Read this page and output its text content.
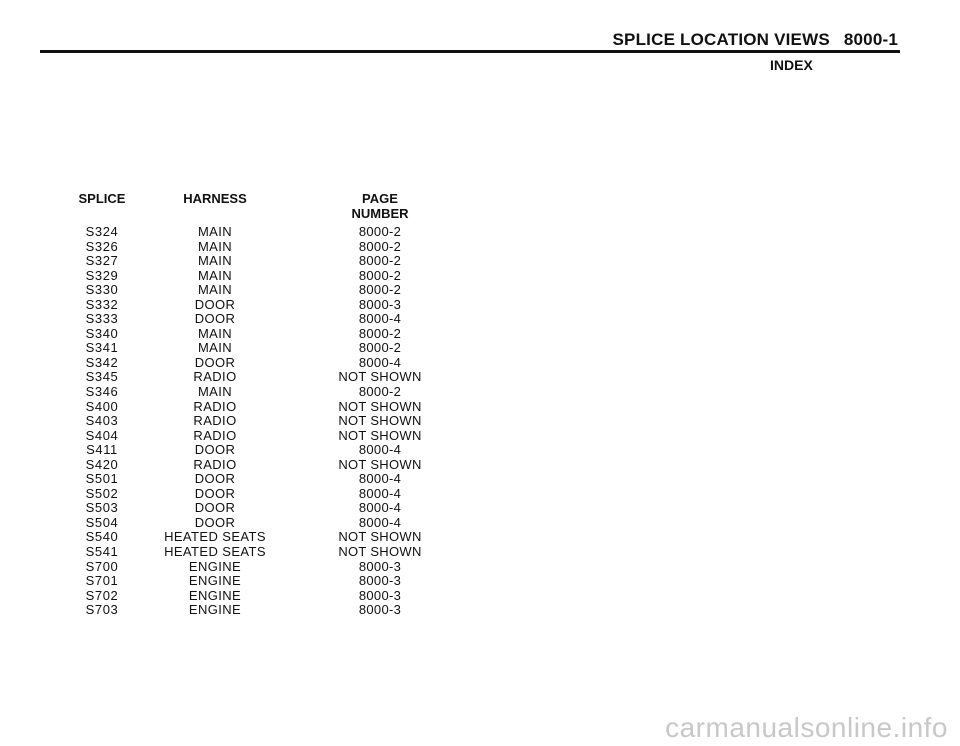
SPLICE LOCATION VIEWS 8000-1
INDEX
SPLICE	HARNESS	PAGE
NUMBER
S324	MAIN	8000-2
S326	MAIN	8000-2
S327	MAIN	8000-2
S329	MAIN	8000-2
S330	MAIN	8000-2
S332	DOOR	8000-3
S333	DOOR	8000-4
S340	MAIN	8000-2
S341	MAIN	8000-2
S342	DOOR	8000-4
S345	RADIO	NOT SHOWN
S346	MAIN	8000-2
S400	RADIO	NOT SHOWN
S403	RADIO	NOT SHOWN
S404	RADIO	NOT SHOWN
S411	DOOR	8000-4
S420	RADIO	NOT SHOWN
S501	DOOR	8000-4
S502	DOOR	8000-4
S503	DOOR	8000-4
S504	DOOR	8000-4
S540	HEATED SEATS	NOT SHOWN
S541	HEATED SEATS	NOT SHOWN
S700	ENGINE	8000-3
S701	ENGINE	8000-3
S702	ENGINE	8000-3
S703	ENGINE	8000-3
carmanualsonline.info
